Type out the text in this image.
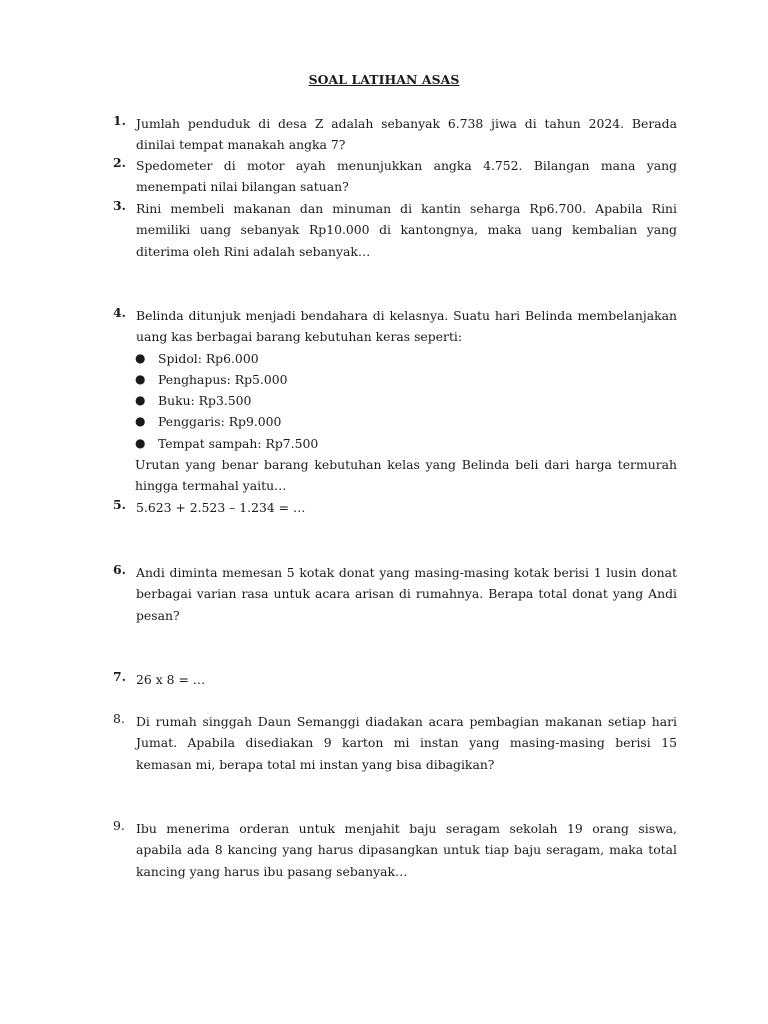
SOAL LATIHAN ASAS
1. Jumlah penduduk di desa Z adalah sebanyak 6.738 jiwa di tahun 2024. Berada
dinilai tempat manakah angka 7?
2. Spedometer di motor ayah menunjukkan angka 4.752. Bilangan mana yang
menempati nilai bilangan satuan?
3. Rini membeli makanan dan minuman di kantin seharga Rp6.700. Apabila Rini
memiliki uang sebanyak Rp10.000 di kantongnya, maka uang kembalian yang
diterima oleh Rini adalah sebanyak…
4. Belinda ditunjuk menjadi bendahara di kelasnya. Suatu hari Belinda membelanjakan
uang kas berbagai barang kebutuhan keras seperti:
● Spidol: Rp6.000
● Penghapus: Rp5.000
● Buku: Rp3.500
● Penggaris: Rp9.000
● Tempat sampah: Rp7.500
Urutan yang benar barang kebutuhan kelas yang Belinda beli dari harga termurah
hingga termahal yaitu…
5. 5.623 + 2.523 – 1.234 = …
6. Andi diminta memesan 5 kotak donat yang masing-masing kotak berisi 1 lusin donat
berbagai varian rasa untuk acara arisan di rumahnya. Berapa total donat yang Andi
pesan?
7. 26 x 8 = …
8. Di rumah singgah Daun Semanggi diadakan acara pembagian makanan setiap hari
Jumat. Apabila disediakan 9 karton mi instan yang masing-masing berisi 15
kemasan mi, berapa total mi instan yang bisa dibagikan?
9. Ibu menerima orderan untuk menjahit baju seragam sekolah 19 orang siswa,
apabila ada 8 kancing yang harus dipasangkan untuk tiap baju seragam, maka total
kancing yang harus ibu pasang sebanyak…
